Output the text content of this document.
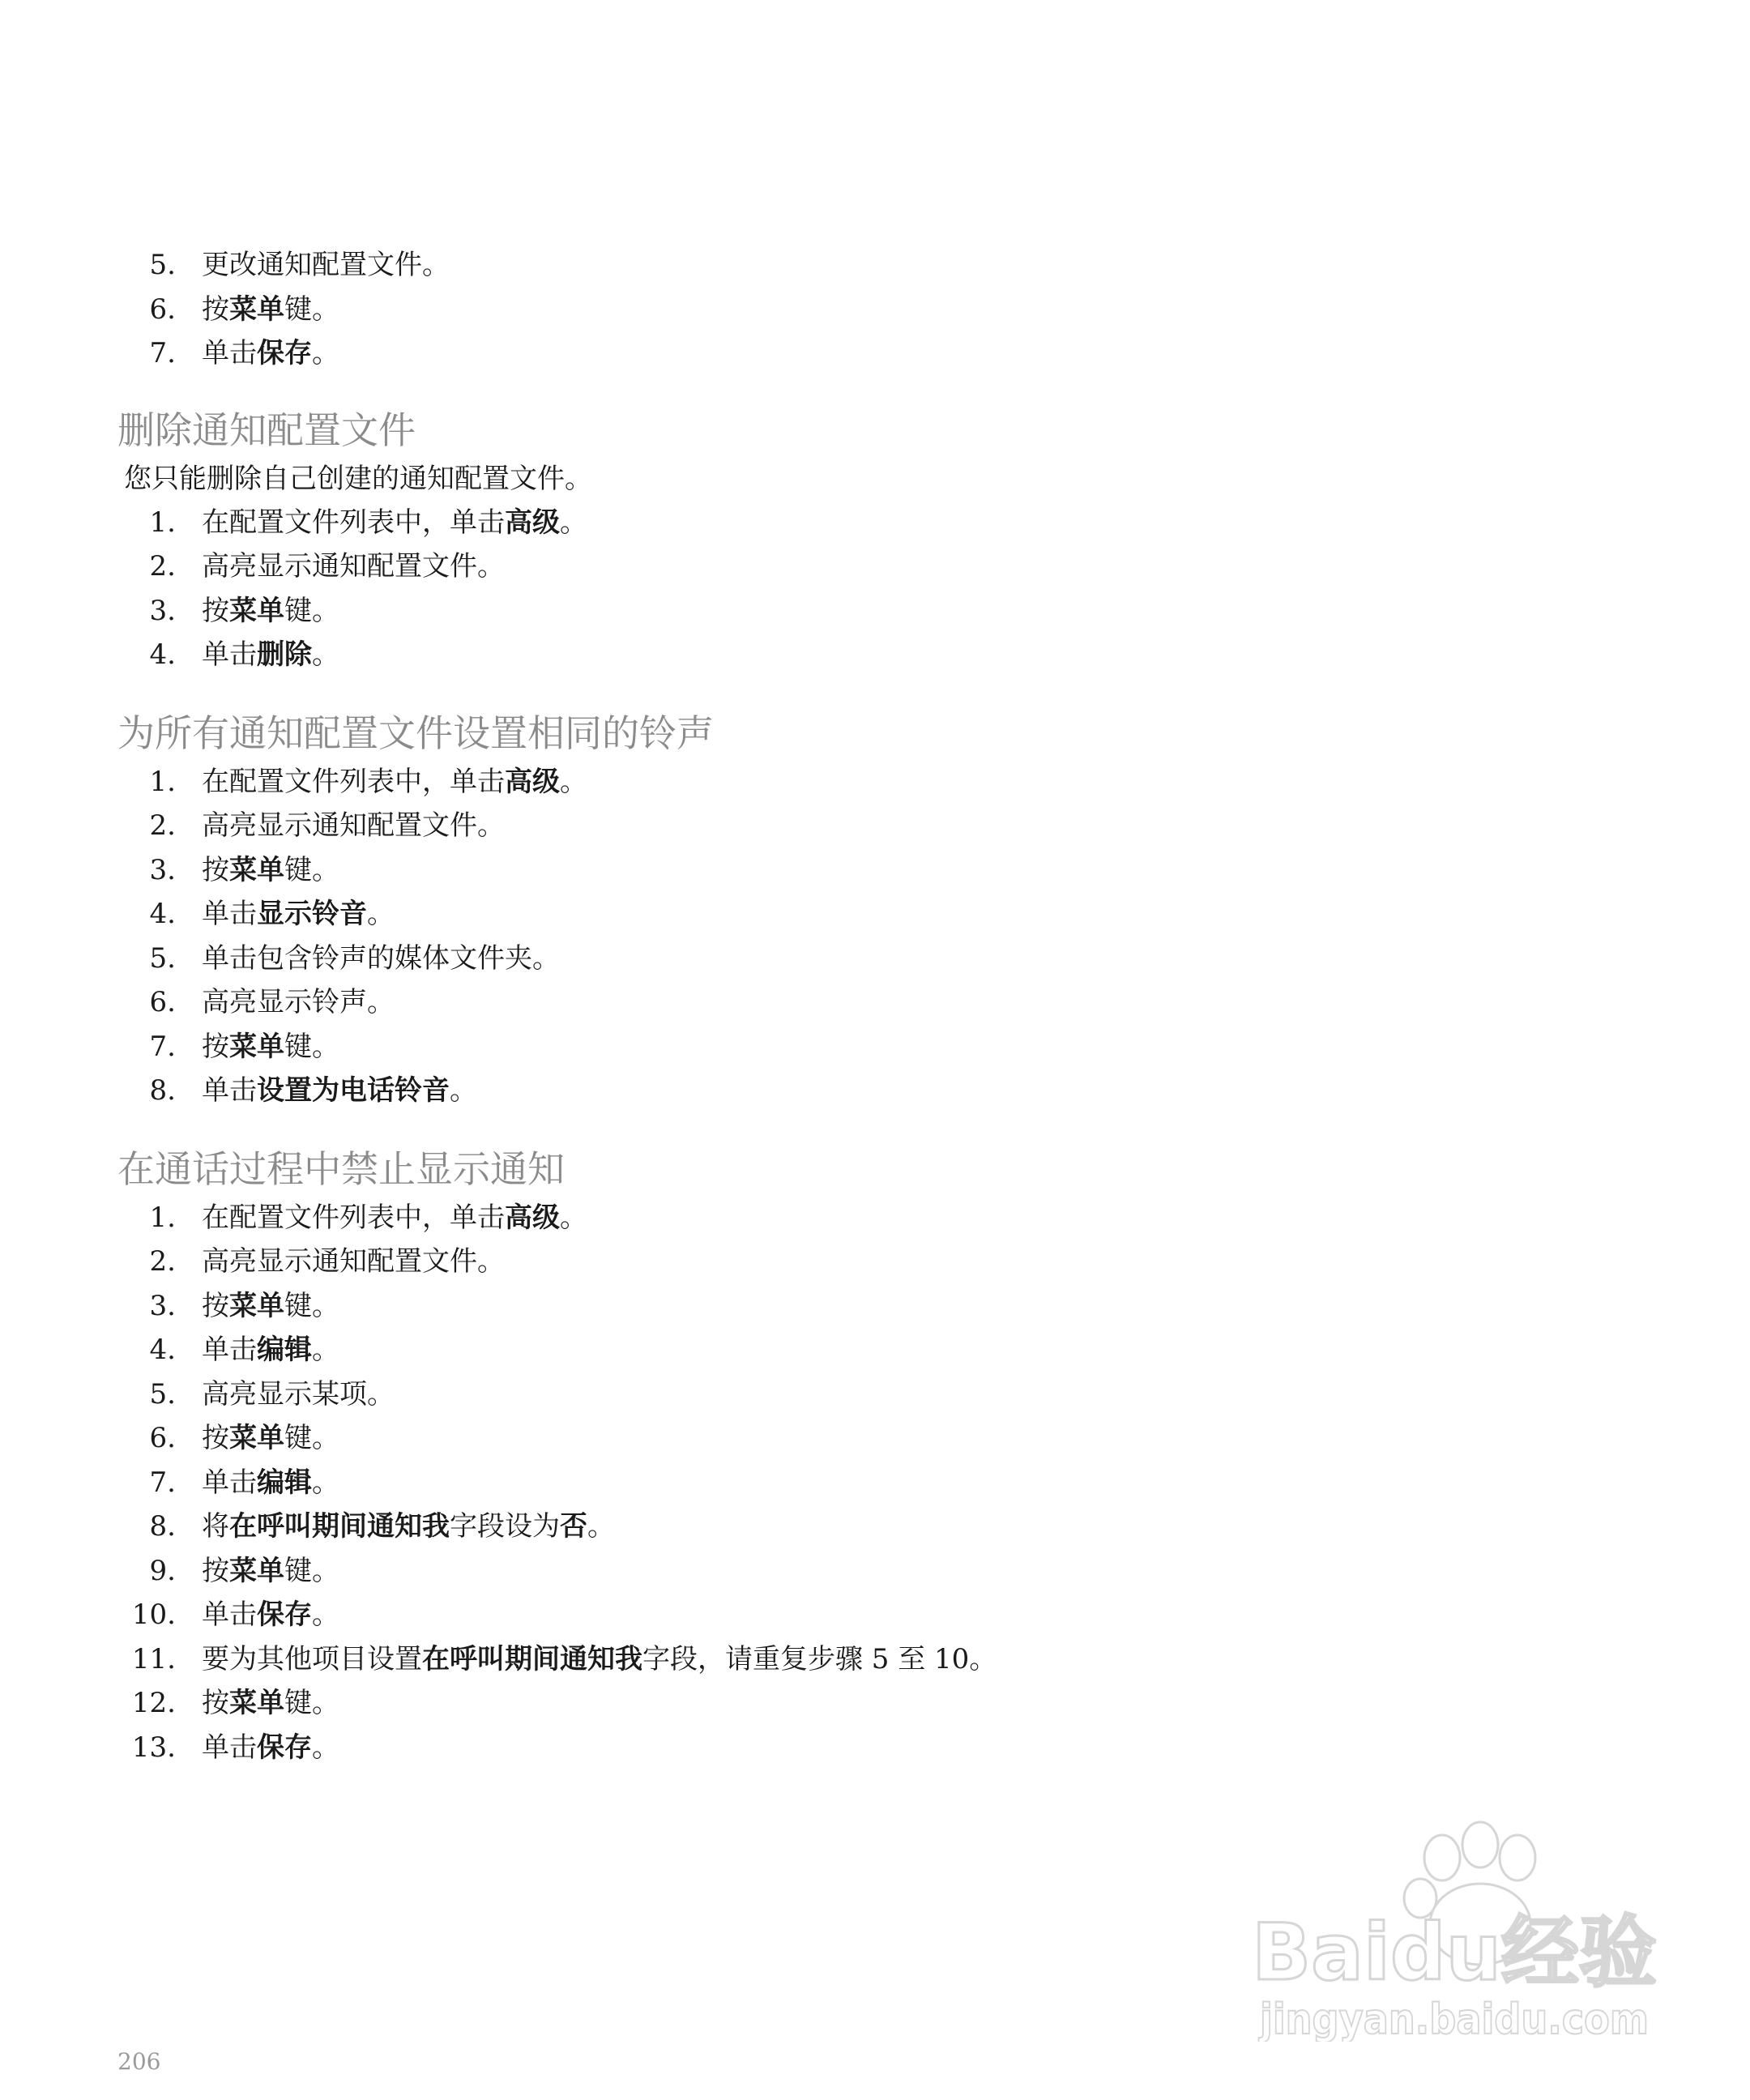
5. 更改通知配置文件。
6. 按菜单键。
7. 单击保存。
删除通知配置文件
您只能删除自己创建的通知配置文件。
1. 在配置文件列表中，单击高级。
2. 高亮显示通知配置文件。
3. 按菜单键。
4. 单击删除。
为所有通知配置文件设置相同的铃声
1. 在配置文件列表中，单击高级。
2. 高亮显示通知配置文件。
3. 按菜单键。
4. 单击显示铃音。
5. 单击包含铃声的媒体文件夹。
6. 高亮显示铃声。
7. 按菜单键。
8. 单击设置为电话铃音。
在通话过程中禁止显示通知
1. 在配置文件列表中，单击高级。
2. 高亮显示通知配置文件。
3. 按菜单键。
4. 单击编辑。
5. 高亮显示某项。
6. 按菜单键。
7. 单击编辑。
8. 将在呼叫期间通知我字段设为否。
9. 按菜单键。
10. 单击保存。
11. 要为其他项目设置在呼叫期间通知我字段，请重复步骤 5 至 10。
12. 按菜单键。
13. 单击保存。
206
Baidu经验
jingyan.baidu.com
